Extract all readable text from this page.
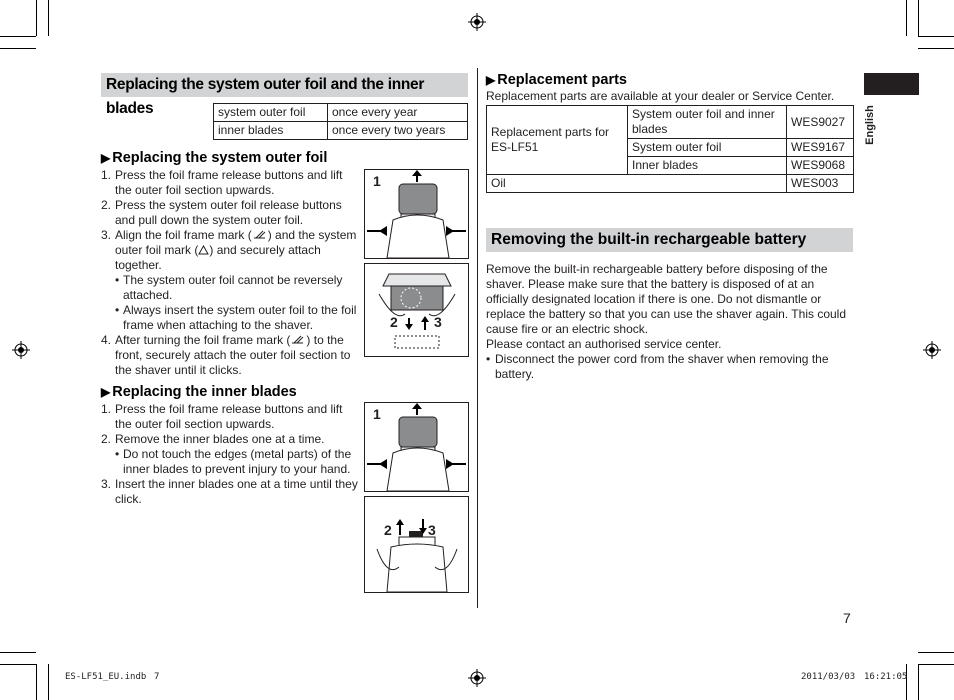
Replacing the system outer foil and the inner blades	system outer foil	once every year
inner blades	once every two years
▶ Replacing the system outer foil
1. Press the foil frame release buttons and lift the outer foil section upwards.
2. Press the system outer foil release buttons and pull down the system outer foil.
3. Align the foil frame mark ( ) and the system outer foil mark ( ) and securely attach together.
• The system outer foil cannot be reversely attached.
• Always insert the system outer foil to the foil frame when attaching to the shaver.
4. After turning the foil frame mark ( ) to the front, securely attach the outer foil section to the shaver until it clicks.
1
2	3
▶ Replacing the inner blades
1. Press the foil frame release buttons and lift the outer foil section upwards.
2. Remove the inner blades one at a time.
• Do not touch the edges (metal parts) of the inner blades to prevent injury to your hand.
3. Insert the inner blades one at a time until they click.
1
2	3
▶ Replacement parts
Replacement parts are available at your dealer or Service Center.
Replacement parts for ES-LF51	System outer foil and inner blades	WES9027
	System outer foil	WES9167
	Inner blades	WES9068
Oil		WES003
Removing the built-in rechargeable battery

Remove the built-in rechargeable battery before disposing of the shaver. Please make sure that the battery is disposed of at an officially designated location if there is one. Do not dismantle or replace the battery so that you can use the shaver again. This could cause fire or an electric shock.

Please contact an authorised service center.

• Disconnect the power cord from the shaver when removing the battery.
English
7
ES-LF51_EU.indb 7	2011/03/03 16:21:05
